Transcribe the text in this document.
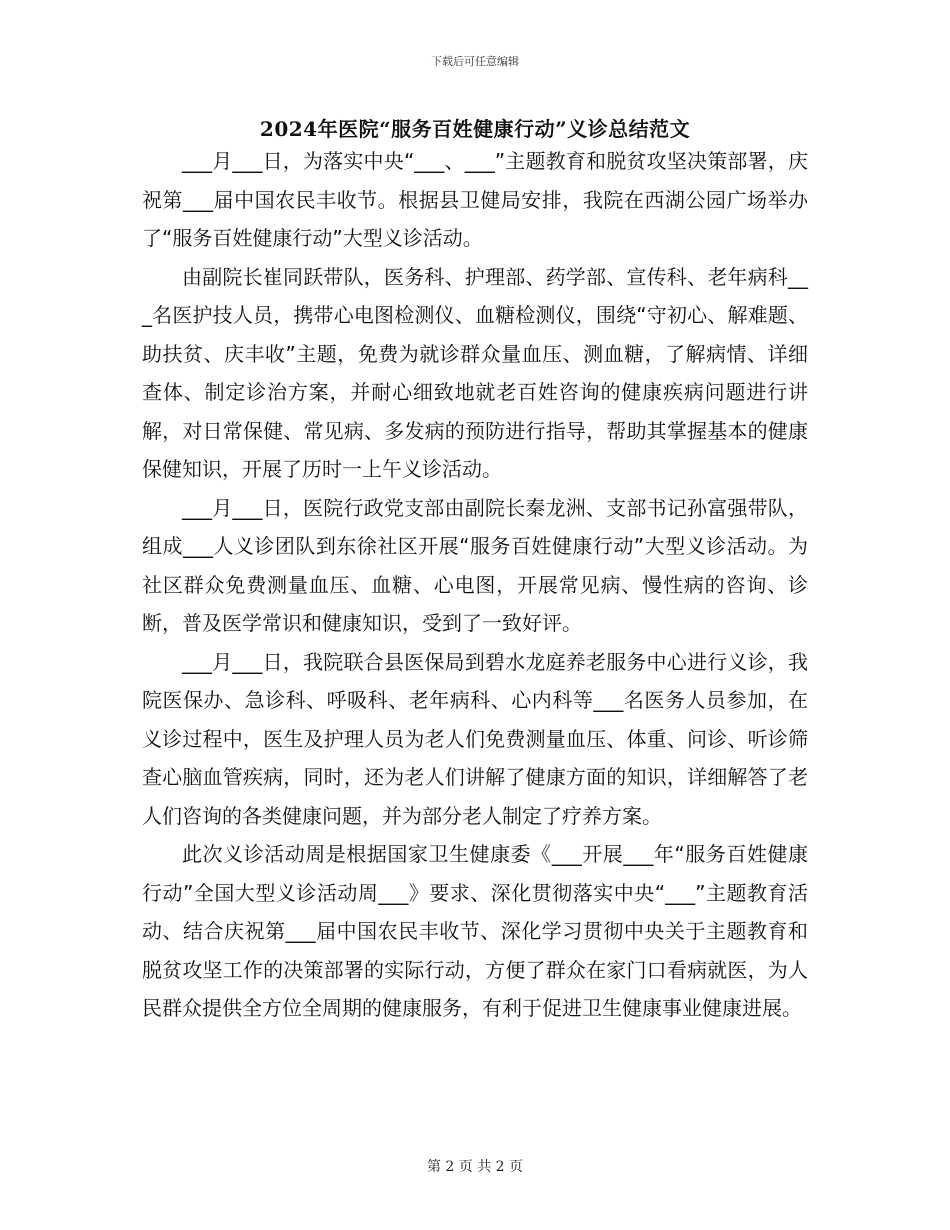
下载后可任意编辑
2024年医院“服务百姓健康行动”义诊总结范文

___月___日，为落实中央“___、___”主题教育和脱贫攻坚决策部署，庆祝第___届中国农民丰收节。根据县卫健局安排，我院在西湖公园广场举办了“服务百姓健康行动”大型义诊活动。

由副院长崔同跃带队，医务科、护理部、药学部、宣传科、老年病科___名医护技人员，携带心电图检测仪、血糖检测仪，围绕“守初心、解难题、助扶贫、庆丰收”主题，免费为就诊群众量血压、测血糖，了解病情、详细查体、制定诊治方案，并耐心细致地就老百姓咨询的健康疾病问题进行讲解，对日常保健、常见病、多发病的预防进行指导，帮助其掌握基本的健康保健知识，开展了历时一上午义诊活动。

___月___日，医院行政党支部由副院长秦龙洲、支部书记孙富强带队，组成___人义诊团队到东徐社区开展“服务百姓健康行动”大型义诊活动。为社区群众免费测量血压、血糖、心电图，开展常见病、慢性病的咨询、诊断，普及医学常识和健康知识，受到了一致好评。

___月___日，我院联合县医保局到碧水龙庭养老服务中心进行义诊，我院医保办、急诊科、呼吸科、老年病科、心内科等___名医务人员参加，在义诊过程中，医生及护理人员为老人们免费测量血压、体重、问诊、听诊筛查心脑血管疾病，同时，还为老人们讲解了健康方面的知识，详细解答了老人们咨询的各类健康问题，并为部分老人制定了疗养方案。

此次义诊活动周是根据国家卫生健康委《___开展___年“服务百姓健康行动”全国大型义诊活动周___》要求、深化贯彻落实中央“___”主题教育活动、结合庆祝第___届中国农民丰收节、深化学习贯彻中央关于主题教育和脱贫攻坚工作的决策部署的实际行动，方便了群众在家门口看病就医，为人民群众提供全方位全周期的健康服务，有利于促进卫生健康事业健康进展。

第 2 页 共 2 页
